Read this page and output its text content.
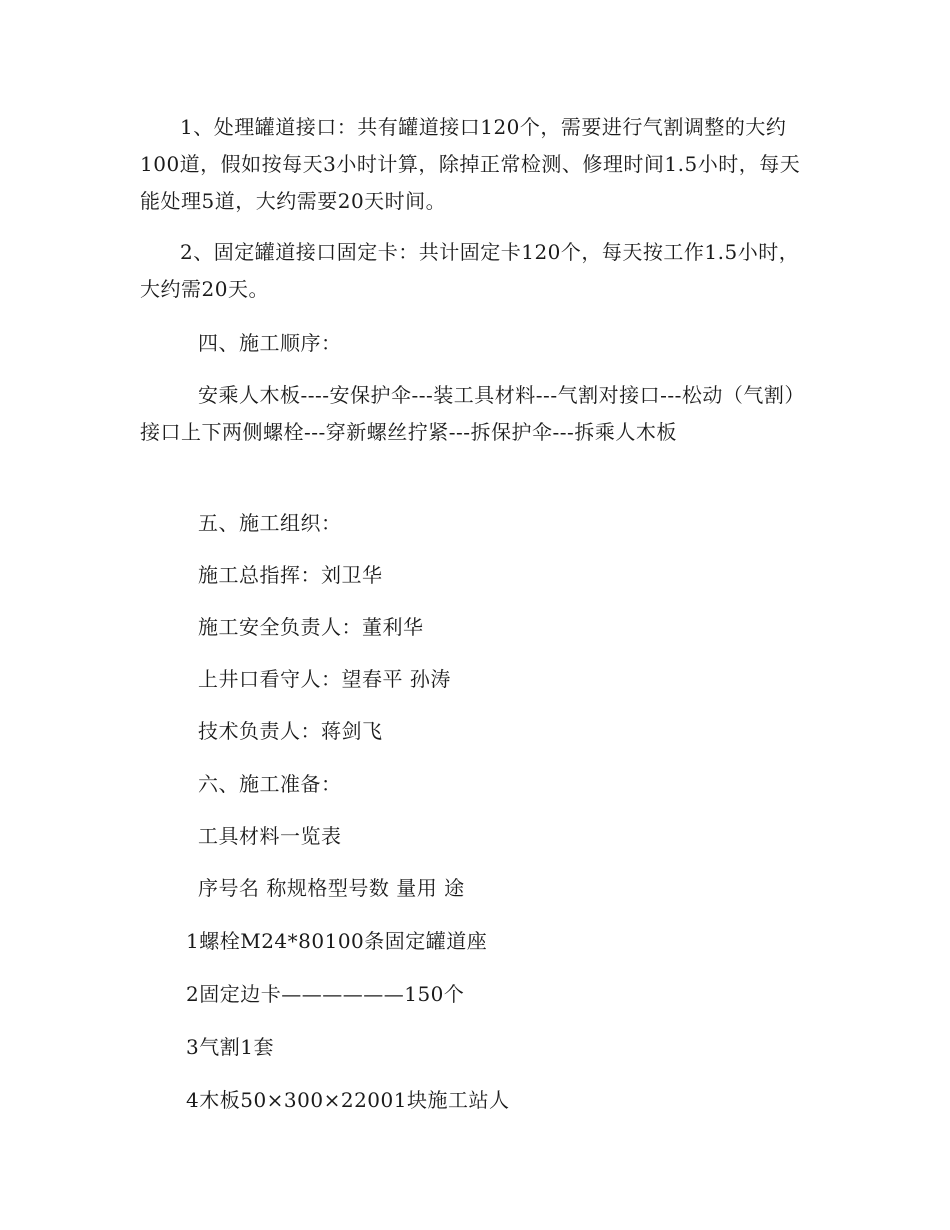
1、处理罐道接口：共有罐道接口120个，需要进行气割调整的大约100道，假如按每天3小时计算，除掉正常检测、修理时间1.5小时，每天能处理5道，大约需要20天时间。

2、固定罐道接口固定卡：共计固定卡120个，每天按工作1.5小时，大约需20天。

四、施工顺序：

安乘人木板----安保护伞---装工具材料---气割对接口---松动（气割）接口上下两侧螺栓---穿新螺丝拧紧---拆保护伞---拆乘人木板

五、施工组织：

施工总指挥：刘卫华

施工安全负责人：董利华

上井口看守人：望春平 孙涛

技术负责人：蒋剑飞

六、施工准备：

工具材料一览表

序号名 称规格型号数 量用 途

1螺栓M24*80100条固定罐道座

2固定边卡——————150个

3气割1套

4木板50×300×22001块施工站人
